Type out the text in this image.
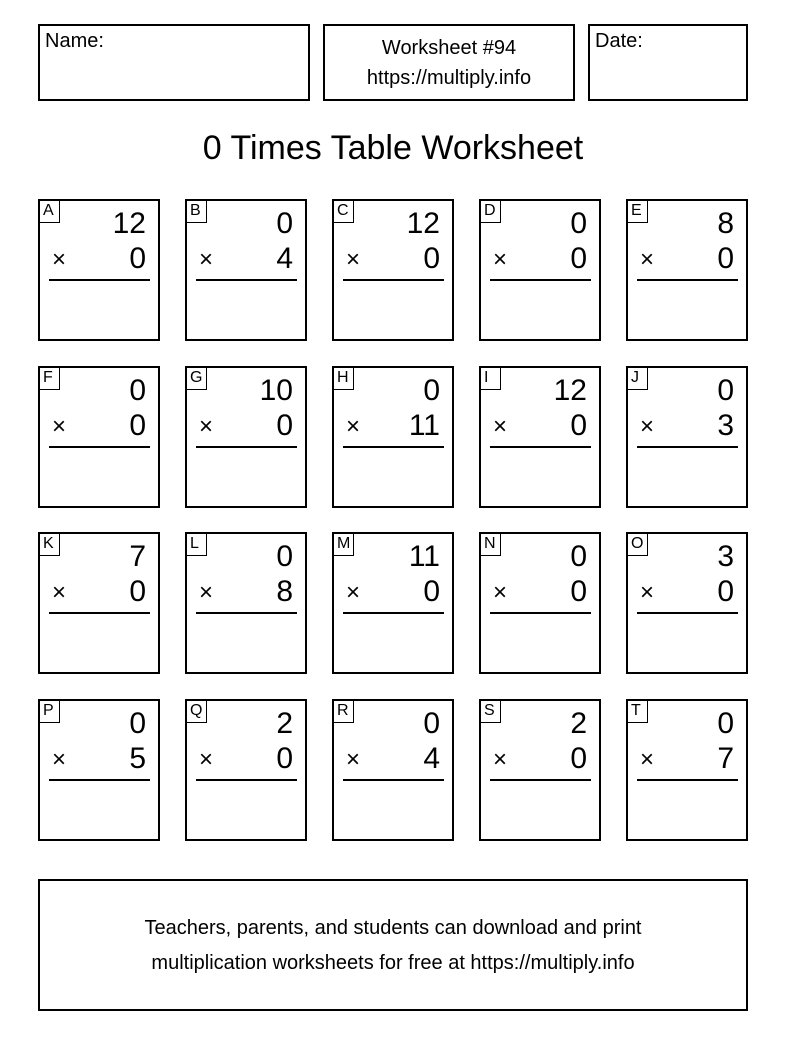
Name:	Worksheet #94
https://multiply.info
Date:
0 Times Table Worksheet
A 12
× 0
B	0
× 4
C 12
× 0
D 0
× 0
E	8
× 0
F	0
× 0
G 10
× 0
H 0
× 11
I	12
× 0
J	0
× 3
K	7
× 0
L	0
× 8
M 11
× 0
N 0
× 0
O 3
× 0
P	0
× 5
Q 2
× 0
R 0
× 4
S	2
× 0
T	0
× 7
Teachers, parents, and students can download and print
multiplication worksheets for free at https://multiply.info
